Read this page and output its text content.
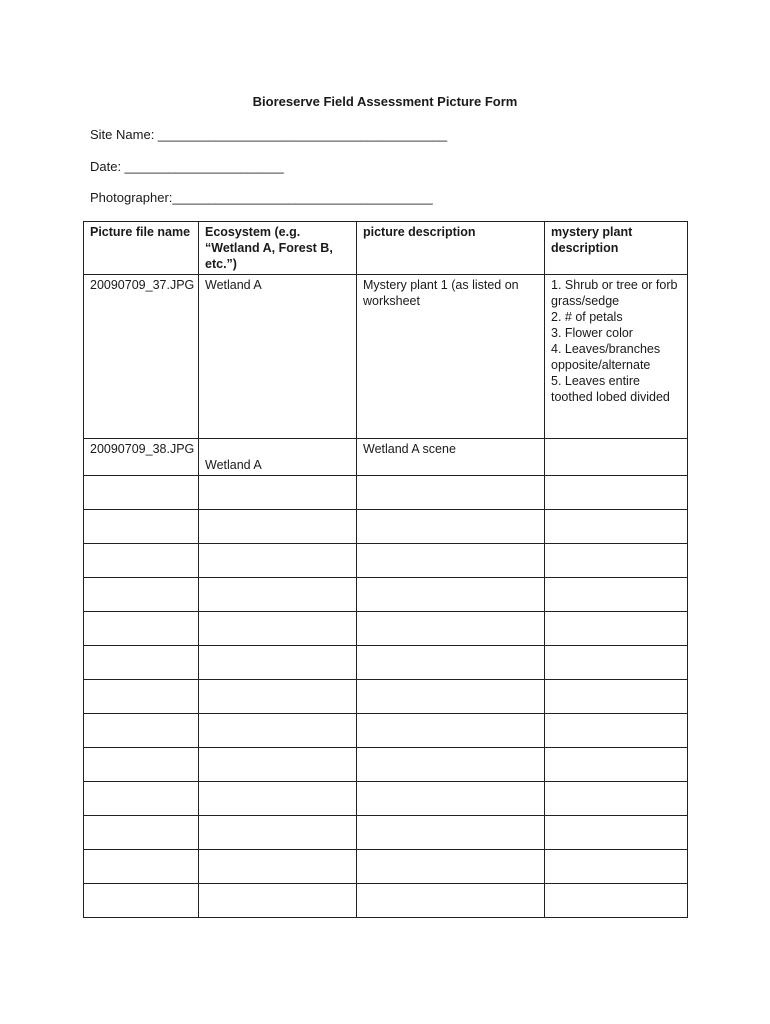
Bioreserve Field Assessment Picture Form
Site Name: ________________________________________
Date: ______________________
Photographer:____________________________________
Picture file name	Ecosystem (e.g. “Wetland A, Forest B, etc.”)	picture description	mystery plant description
20090709_37.JPG	Wetland A	Mystery plant 1 (as listed on worksheet	1. Shrub or tree or forb grass/sedge
2. # of petals
3. Flower color
4. Leaves/branches opposite/alternate
5. Leaves entire toothed lobed divided

20090709_38.JPG	Wetland A	Wetland A scene	
